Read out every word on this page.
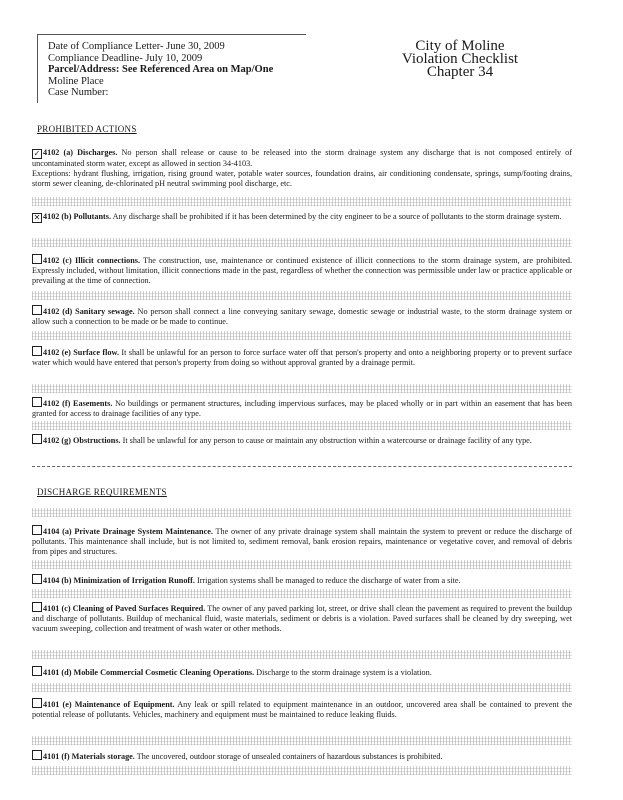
Date of Compliance Letter- June 30, 2009
Compliance Deadline- July 10, 2009
Parcel/Address: See Referenced Area on Map/One
Moline Place
Case Number:
City of Moline
Violation Checklist
Chapter 34
PROHIBITED ACTIONS

✓ 4102 (a) Discharges. No person shall release or cause to be released into the storm drainage system any discharge that is not composed entirely of uncontaminated storm water, except as allowed in section 34-4103.

Exceptions: hydrant flushing, irrigation, rising ground water, potable water sources, foundation drains, air conditioning condensate, springs, sump/footing drains, storm sewer cleaning, de-chlorinated pH neutral swimming pool discharge, etc.

✕ 4102 (b) Pollutants. Any discharge shall be prohibited if it has been determined by the city engineer to be a source of pollutants to the storm drainage system.

4102 (c) Illicit connections. The construction, use, maintenance or continued existence of illicit connections to the storm drainage system, are prohibited. Expressly included, without limitation, illicit connections made in the past, regardless of whether the connection was permissible under law or practice applicable or prevailing at the time of connection.

4102 (d) Sanitary sewage. No person shall connect a line conveying sanitary sewage, domestic sewage or industrial waste, to the storm drainage system or allow such a connection to be made or be made to continue.

4102 (e) Surface flow. It shall be unlawful for an person to force surface water off that person's property and onto a neighboring property or to prevent surface water which would have entered that person's property from doing so without approval granted by a drainage permit.

4102 (f) Easements. No buildings or permanent structures, including impervious surfaces, may be placed wholly or in part within an easement that has been granted for access to drainage facilities of any type.

4102 (g) Obstructions. It shall be unlawful for any person to cause or maintain any obstruction within a watercourse or drainage facility of any type.

DISCHARGE REQUIREMENTS

4104 (a) Private Drainage System Maintenance. The owner of any private drainage system shall maintain the system to prevent or reduce the discharge of pollutants. This maintenance shall include, but is not limited to, sediment removal, bank erosion repairs, maintenance or vegetative cover, and removal of debris from pipes and structures.

4104 (b) Minimization of Irrigation Runoff. Irrigation systems shall be managed to reduce the discharge of water from a site.

4101 (c) Cleaning of Paved Surfaces Required. The owner of any paved parking lot, street, or drive shall clean the pavement as required to prevent the buildup and discharge of pollutants. Buildup of mechanical fluid, waste materials, sediment or debris is a violation. Paved surfaces shall be cleaned by dry sweeping, wet vacuum sweeping, collection and treatment of wash water or other methods.

4101 (d) Mobile Commercial Cosmetic Cleaning Operations. Discharge to the storm drainage system is a violation.

4101 (e) Maintenance of Equipment. Any leak or spill related to equipment maintenance in an outdoor, uncovered area shall be contained to prevent the potential release of pollutants. Vehicles, machinery and equipment must be maintained to reduce leaking fluids.

4101 (f) Materials storage. The uncovered, outdoor storage of unsealed containers of hazardous substances is prohibited.
